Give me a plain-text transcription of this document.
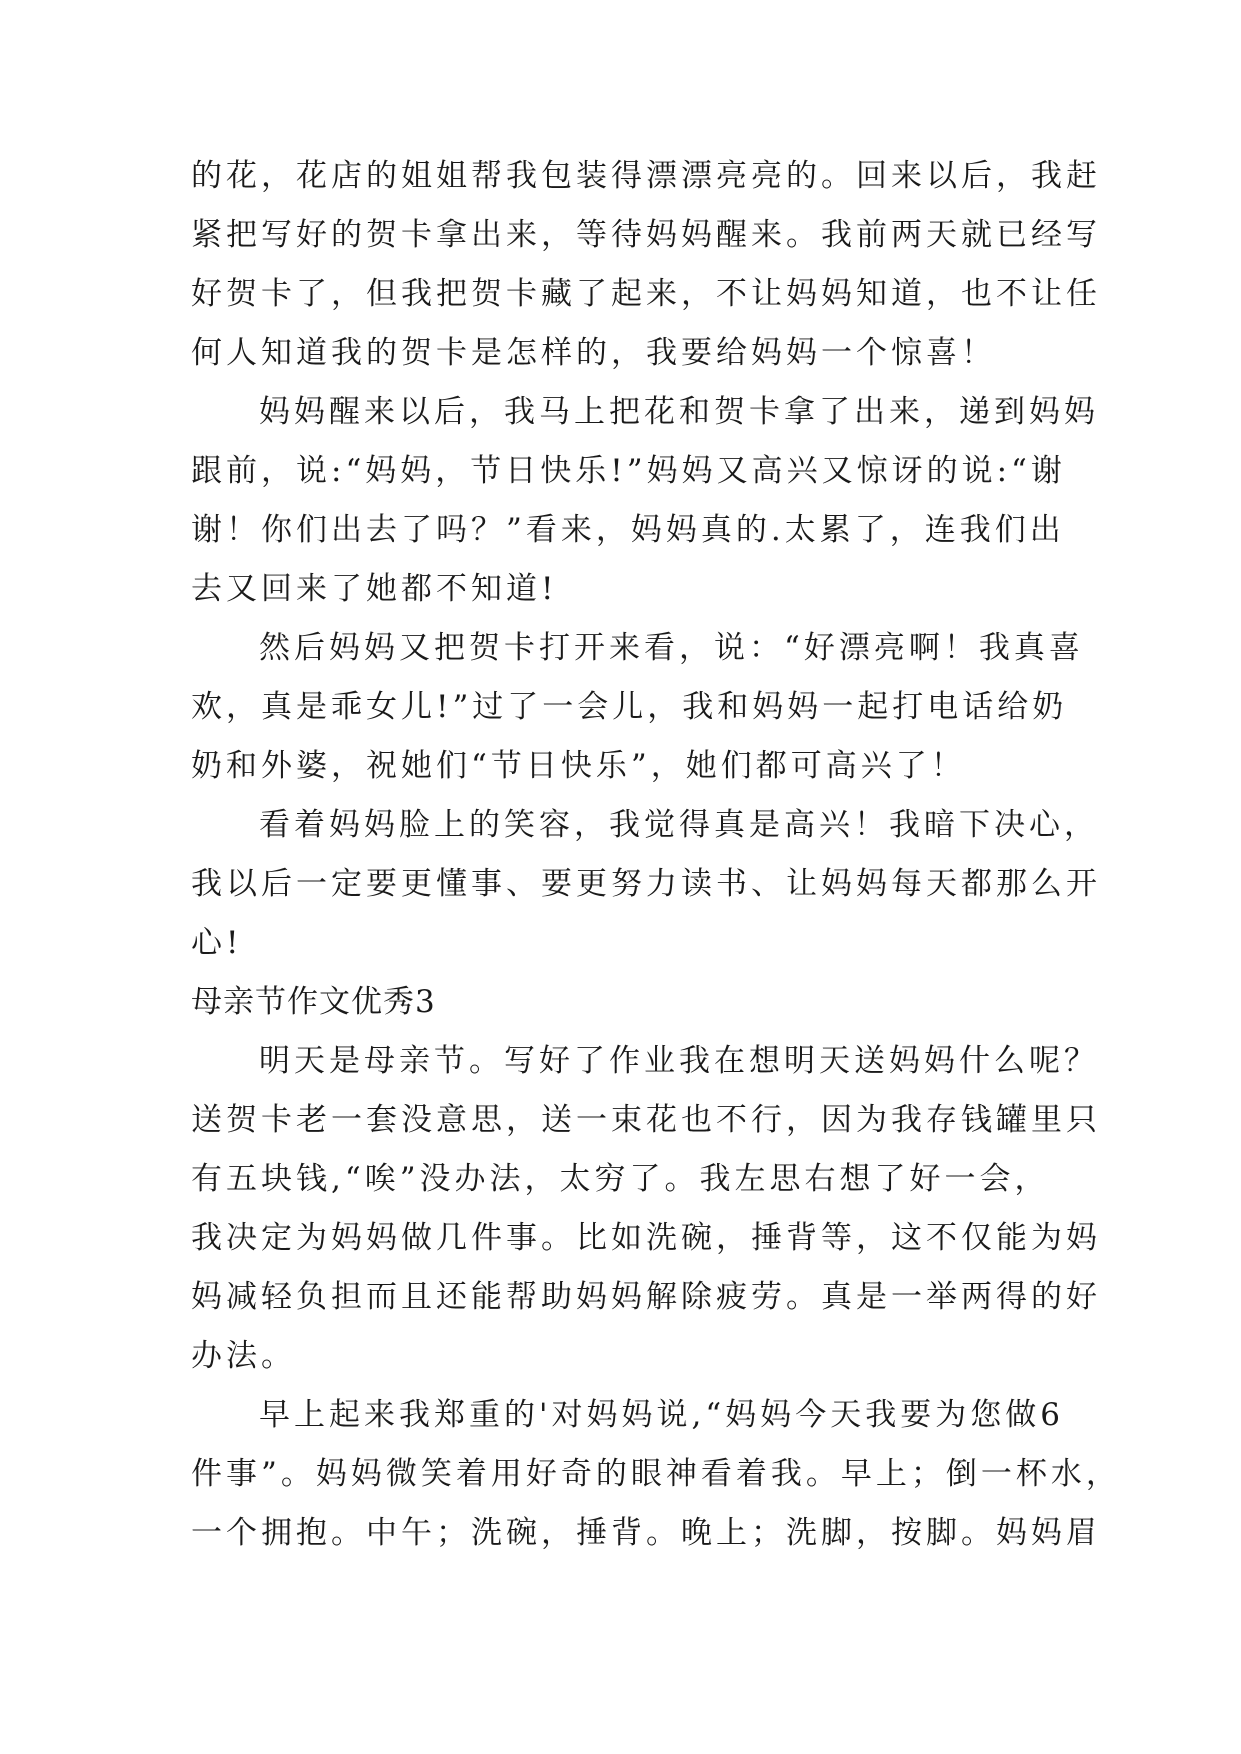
的花，花店的姐姐帮我包装得漂漂亮亮的。回来以后，我赶
紧把写好的贺卡拿出来，等待妈妈醒来。我前两天就已经写
好贺卡了，但我把贺卡藏了起来，不让妈妈知道，也不让任
何人知道我的贺卡是怎样的，我要给妈妈一个惊喜！
妈妈醒来以后，我马上把花和贺卡拿了出来，递到妈妈
跟前，说:“妈妈，节日快乐!”妈妈又高兴又惊讶的说:“谢
谢！你们出去了吗？”看来，妈妈真的.太累了，连我们出
去又回来了她都不知道!
然后妈妈又把贺卡打开来看，说：“好漂亮啊！我真喜
欢，真是乖女儿!”过了一会儿，我和妈妈一起打电话给奶
奶和外婆，祝她们“节日快乐”，她们都可高兴了！
看着妈妈脸上的笑容，我觉得真是高兴！我暗下决心，
我以后一定要更懂事、要更努力读书、让妈妈每天都那么开
心!
母亲节作文优秀3
明天是母亲节。写好了作业我在想明天送妈妈什么呢？
送贺卡老一套没意思，送一束花也不行，因为我存钱罐里只
有五块钱,“唉”没办法，太穷了。我左思右想了好一会，
我决定为妈妈做几件事。比如洗碗，捶背等，这不仅能为妈
妈减轻负担而且还能帮助妈妈解除疲劳。真是一举两得的好
办法。
早上起来我郑重的'对妈妈说,“妈妈今天我要为您做6
件事”。妈妈微笑着用好奇的眼神看着我。早上；倒一杯水，
一个拥抱。中午；洗碗，捶背。晚上；洗脚，按脚。妈妈眉
